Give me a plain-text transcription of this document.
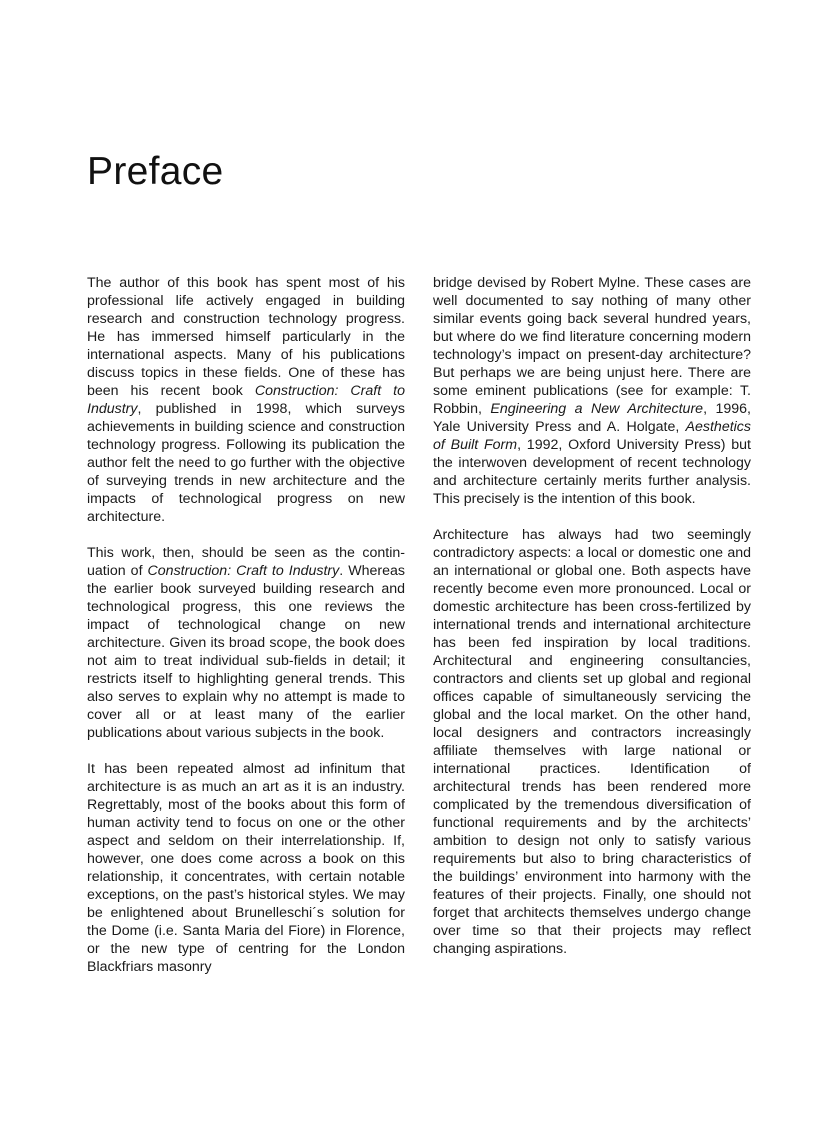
Preface

The author of this book has spent most of his professional life actively engaged in building research and construction technology progress. He has immersed himself particularly in the international aspects. Many of his publications discuss topics in these fields. One of these has been his recent book Construction: Craft to Industry, published in 1998, which surveys achievements in building science and construction technology progress. Following its publication the author felt the need to go further with the objective of surveying trends in new architecture and the impacts of technological progress on new architecture.

This work, then, should be seen as the continuation of Construction: Craft to Industry. Whereas the earlier book surveyed building research and technological progress, this one reviews the impact of technological change on new architecture. Given its broad scope, the book does not aim to treat individual sub-fields in detail; it restricts itself to highlighting general trends. This also serves to explain why no attempt is made to cover all or at least many of the earlier publications about various subjects in the book.

It has been repeated almost ad infinitum that architecture is as much an art as it is an industry. Regrettably, most of the books about this form of human activity tend to focus on one or the other aspect and seldom on their interrelationship. If, however, one does come across a book on this relationship, it concentrates, with certain notable exceptions, on the past’s historical styles. We may be enlightened about Brunelleschi´s solution for the Dome (i.e. Santa Maria del Fiore) in Florence, or the new type of centring for the London Blackfriars masonry

bridge devised by Robert Mylne. These cases are well documented to say nothing of many other similar events going back several hundred years, but where do we find literature concerning modern technology’s impact on present-day architecture? But perhaps we are being unjust here. There are some eminent publications (see for example: T. Robbin, Engineering a New Architecture, 1996, Yale University Press and A. Holgate, Aesthetics of Built Form, 1992, Oxford University Press) but the interwoven development of recent technology and architecture certainly merits further analysis. This precisely is the intention of this book.

Architecture has always had two seemingly contradictory aspects: a local or domestic one and an international or global one. Both aspects have recently become even more pronounced. Local or domestic architecture has been cross-fertilized by international trends and international architecture has been fed inspiration by local traditions. Architectural and engineering consultancies, contractors and clients set up global and regional offices capable of simultaneously servicing the global and the local market. On the other hand, local designers and contractors increasingly affiliate themselves with large national or international practices. Identification of architectural trends has been rendered more complicated by the tremendous diversification of functional requirements and by the architects’ ambition to design not only to satisfy various requirements but also to bring characteristics of the buildings’ environment into harmony with the features of their projects. Finally, one should not forget that architects themselves undergo change over time so that their projects may reflect changing aspirations.
